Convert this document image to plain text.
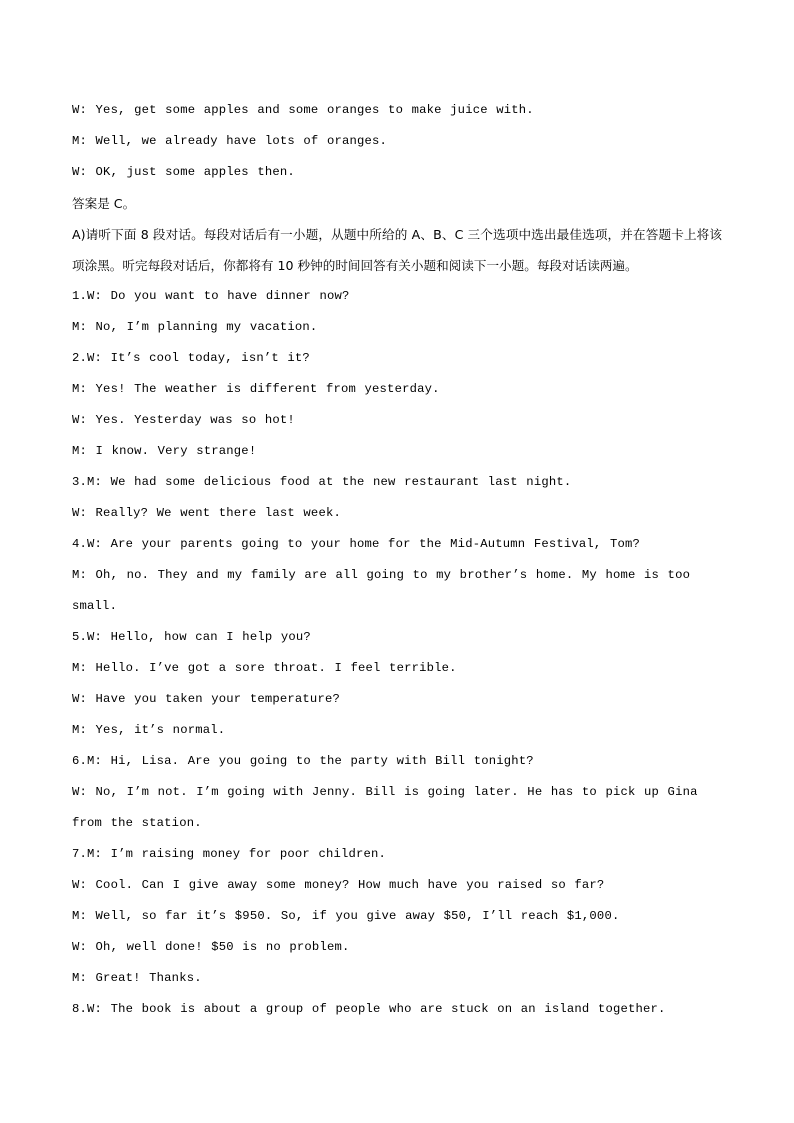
W: Yes, get some apples and some oranges to make juice with.
M: Well, we already have lots of oranges.
W: OK, just some apples then.
答案是 C。
A)请听下面 8 段对话。每段对话后有一小题，从题中所给的 A、B、C 三个选项中选出最佳选项，并在答题卡上将该项涂黑。听完每段对话后，你都将有 10 秒钟的时间回答有关小题和阅读下一小题。每段对话读两遍。
1.W: Do you want to have dinner now?
M: No, I’m planning my vacation.
2.W: It’s cool today, isn’t it?
M: Yes! The weather is different from yesterday.
W: Yes. Yesterday was so hot!
M: I know. Very strange!
3.M: We had some delicious food at the new restaurant last night.
W: Really? We went there last week.
4.W: Are your parents going to your home for the Mid-Autumn Festival, Tom?
M: Oh, no. They and my family are all going to my brother’s home. My home is too small.
5.W: Hello, how can I help you?
M: Hello. I’ve got a sore throat. I feel terrible.
W: Have you taken your temperature?
M: Yes, it’s normal.
6.M: Hi, Lisa. Are you going to the party with Bill tonight?
W: No, I’m not. I’m going with Jenny. Bill is going later. He has to pick up Gina from the station.
7.M: I’m raising money for poor children.
W: Cool. Can I give away some money? How much have you raised so far?
M: Well, so far it’s $950. So, if you give away $50, I’ll reach $1,000.
W: Oh, well done! $50 is no problem.
M: Great! Thanks.
8.W: The book is about a group of people who are stuck on an island together.
